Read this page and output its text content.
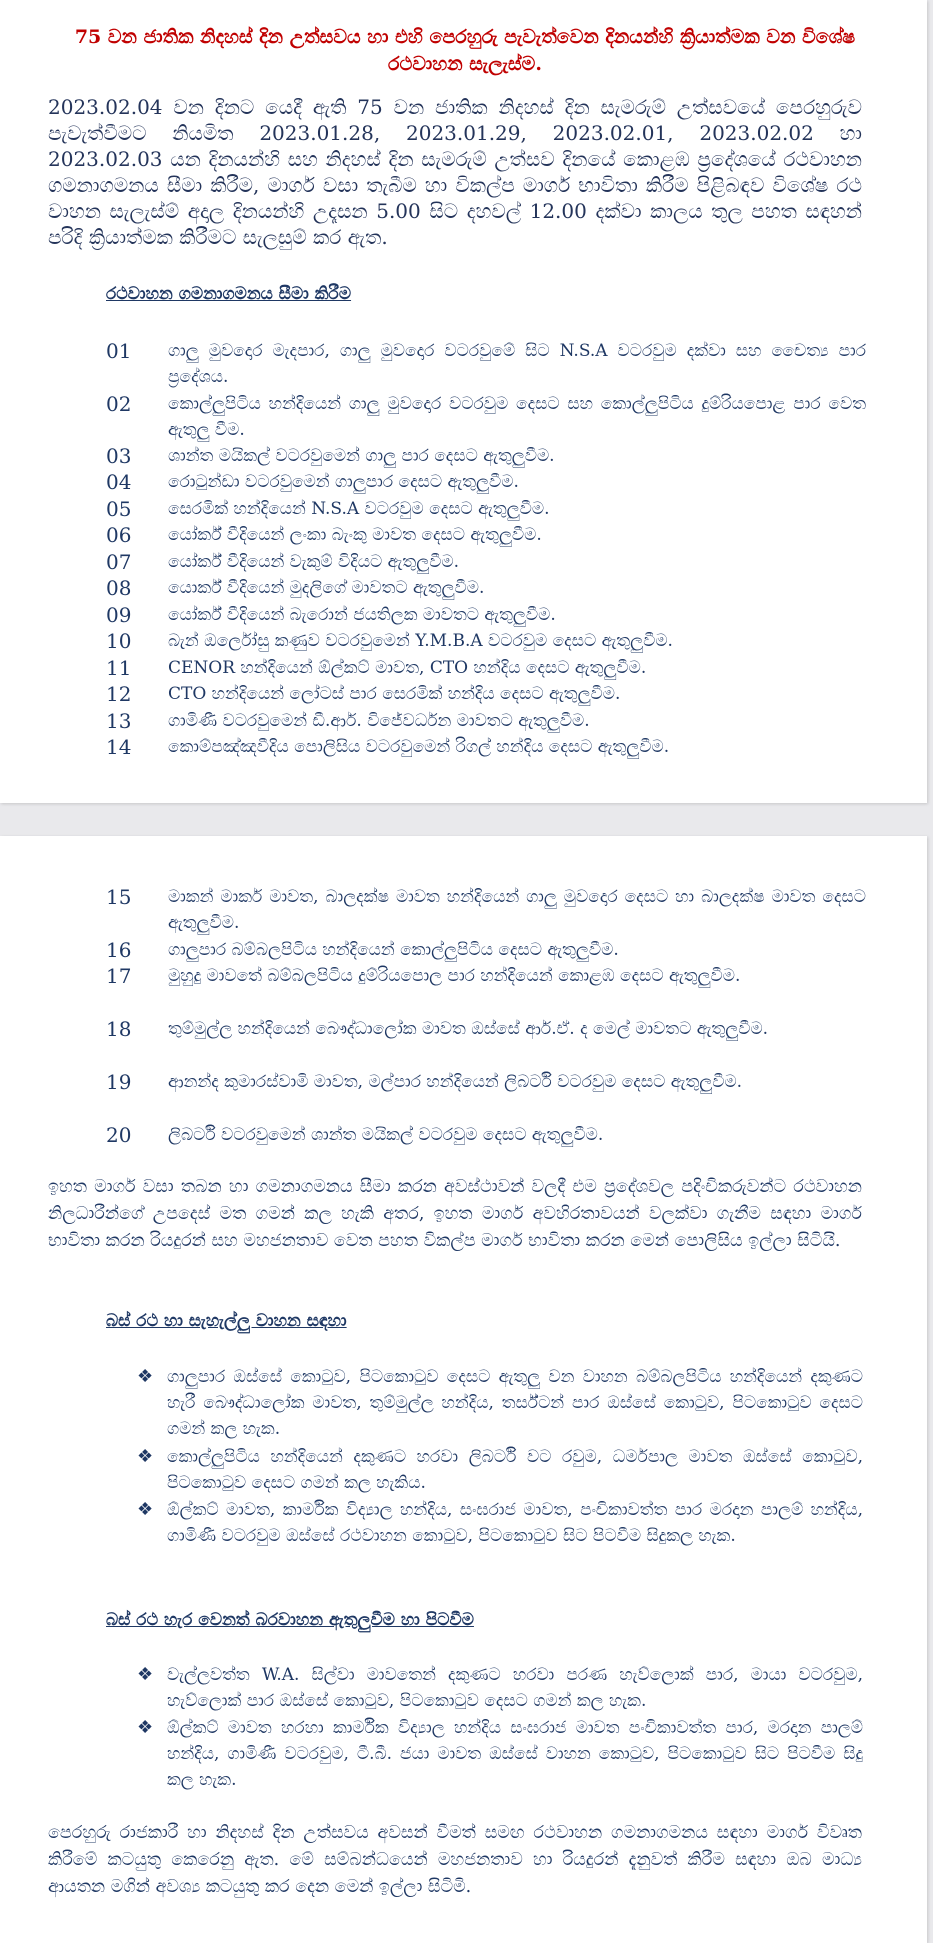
75 වන ජාතික නිදහස් දින උත්සවය හා එහි පෙරහුරු පැවැත්වෙන දිනයන්හි ක්‍රියාත්මක වන විශේෂ රථවාහන සැලැස්ම.
2023.02.04 වන දිනට යෙදී ඇති 75 වන ජාතික නිදහස් දින සැමරුම් උත්සවයේ පෙරහුරුව පැවැත්වීමට නියමිත 2023.01.28, 2023.01.29, 2023.02.01, 2023.02.02 හා 2023.02.03 යන දිනයන්හි සහ නිදහස් දින සැමරුම් උත්සව දිනයේ කොළඹ ප්‍රදේශයේ රථවාහන ගමනාගමනය සීමා කිරීම, මාර්ග වසා තැබීම හා විකල්ප මාර්ග භාවිතා කිරීම පිළිබඳව විශේෂ රථ වාහන සැලැස්ම් අදාල දිනයන්හි උදෑසන 5.00 සිට දහවල් 12.00 දක්වා කාලය තුල පහත සඳහන් පරිදි ක්‍රියාත්මක කිරීමට සැලසුම් කර ඇත.
රථවාහන ගමනාගමනය සීමා කිරීම
01	ගාලු මුවදොර මැදපාර, ගාලු මුවදොර වටරවුමේ සිට N.S.A වටරවුම දක්වා සහ චෛත්‍ය පාර ප්‍රදේශය.
02	කොල්ලුපිටිය හන්දියෙන් ගාලු මුවදොර වටරවුම දෙසට සහ කොල්ලුපිටිය දුම්රියපොළ පාර වෙත ඇතුලු වීම.
03	ශාන්ත මයිකල් වටරවුමෙන් ගාලු පාර දෙසට ඇතුලුවීම.
04	රොටුන්ඩා වටරවුමෙන් ගාලුපාර දෙසට ඇතුලුවීම.
05	සෙරමික් හන්දියෙන් N.S.A වටරවුම දෙසට ඇතුලුවීම.
06	යෝර්ක් වීදියෙන් ලංකා බැංකු මාවත දෙසට ඇතුලුවීම.
07	යෝර්ක් වීදියෙන් වැකුම් විදියට ඇතුලුවීම.
08	යොර්ක් වීදියෙන් මුදලිගේ මාවතට ඇතුලුවීම.
09	යෝර්ක් වීදියෙන් බැරොන් ජයතිලක මාවතට ඇතුලුවීම.
10	බැන් ඔර්ලෝසු කණුව වටරවුමෙන් Y.M.B.A වටරවුම දෙසට ඇතුලුවීම.
11	CENOR හන්දියෙන් ඕල්කට් මාවත, CTO හන්දිය දෙසට ඇතුලුවීම.
12	CTO හන්දියෙන් ලෝටස් පාර සෙරමික් හන්දිය දෙසට ඇතුලුවීම.
13	ගාමිණී වටරවුමෙන් ඩී.ආර්. විජේවර්ධන මාවතට ඇතුලුවීම.
14	කොම්පඤ්ඤවීදිය පොලිසිය වටරවුමෙන් රිගල් හන්දිය දෙසට ඇතුලුවීම.
15	මාකන් මාකර් මාවත, බාලදක්ෂ මාවත හන්දියෙන් ගාලු මුවදොර දෙසට හා බාලදක්ෂ මාවත දෙසට ඇතුලුවීම.
16	ගාලුපාර බම්බලපිටිය හන්දියෙන් කොල්ලුපිටිය දෙසට ඇතුලුවීම.
17	මුහුදු මාවතේ බම්බලපිටිය දුම්රියපොල පාර හන්දියෙන් කොළඹ දෙසට ඇතුලුවීම.
18	තුම්මුල්ල හන්දියෙන් බෞද්ධාලෝක මාවත ඔස්සේ ආර්.ඒ. ද මෙල් මාවතට ඇතුලුවීම.
19	ආනන්ද කුමාරස්වාමි මාවත, මල්පාර හන්දියෙන් ලිබර්ටි වටරවුම දෙසට ඇතුලුවීම.
20	ලිබර්ටි වටරවුමෙන් ශාන්ත මයිකල් වටරවුම දෙසට ඇතුලුවීම.
ඉහත මාර්ග වසා තබන හා ගමනාගමනය සීමා කරන අවස්ථාවන් වලදී එම ප්‍රදේශවල පදිංචිකරුවන්ට රථවාහන නිලධාරීන්ගේ උපදෙස් මත ගමන් කල හැකි අතර, ඉහත මාර්ග අවහිරතාවයන් වලක්වා ගැනීම සඳහා මාර්ග භාවිතා කරන රියදුරන් සහ මහජනතාව වෙත පහත විකල්ප මාර්ග භාවිතා කරන මෙන් පොලිසිය ඉල්ලා සිටියි.
බස් රථ හා සැහැල්ලු වාහන සඳහා
❖ ගාලුපාර ඔස්සේ කොටුව, පිටකොටුව දෙසට ඇතුලු වන වාහන බම්බලපිටිය හන්දියෙන් දකුණට හැරී බෞද්ධාලෝක මාවත, තුම්මුල්ල හන්දිය, තර්ස්ටන් පාර ඔස්සේ කොටුව, පිටකොටුව දෙසට ගමන් කල හැක.
❖ කොල්ලුපිටිය හන්දියෙන් දකුණට හරවා ලිබර්ටි වට රවුම, ධර්මපාල මාවත ඔස්සේ කොටුව, පිටකොටුව දෙසට ගමන් කල හැකිය.
❖ ඕල්කට් මාවත, කාර්මික විද්‍යාල හන්දිය, සංඝරාජ මාවත, පංචිකාවත්ත පාර මරදාන පාලම් හන්දිය, ගාමිණී වටරවුම ඔස්සේ රථවාහන කොටුව, පිටකොටුව සිට පිටවීම සිදුකල හැක.
බස් රථ හැර වෙනත් බරවාහන ඇතුලුවීම හා පිටවීම
❖ වැල්ලවත්ත W.A. සිල්වා මාවතෙන් දකුණට හරවා පරණ හැව්ලොක් පාර, මායා වටරවුම, හැව්ලොක් පාර ඔස්සේ කොටුව, පිටකොටුව දෙසට ගමන් කල හැක.
❖ ඕල්කට් මාවත හරහා කාර්මික විද්‍යාල හන්දිය සංඝරාජ මාවත පංචිකාවත්ත පාර, මරදාන පාලම් හන්දිය, ගාමිණී වටරවුම, ටී.බී. ජයා මාවත ඔස්සේ වාහන කොටුව, පිටකොටුව සිට පිටවීම සිදු කල හැක.
පෙරහුරු රාජකාරී හා නිදහස් දින උත්සවය අවසන් වීමත් සමඟ රථවාහන ගමනාගමනය සඳහා මාර්ග විවෘත කිරීමේ කටයුතු කෙරෙනු ඇත. මේ සම්බන්ධයෙන් මහජනතාව හා රියදුරන් දැනුවත් කිරීම සඳහා ඔබ මාධ්‍ය ආයතන මගින් අවශ්‍ය කටයුතු කර දෙන මෙන් ඉල්ලා සිටිමි.
